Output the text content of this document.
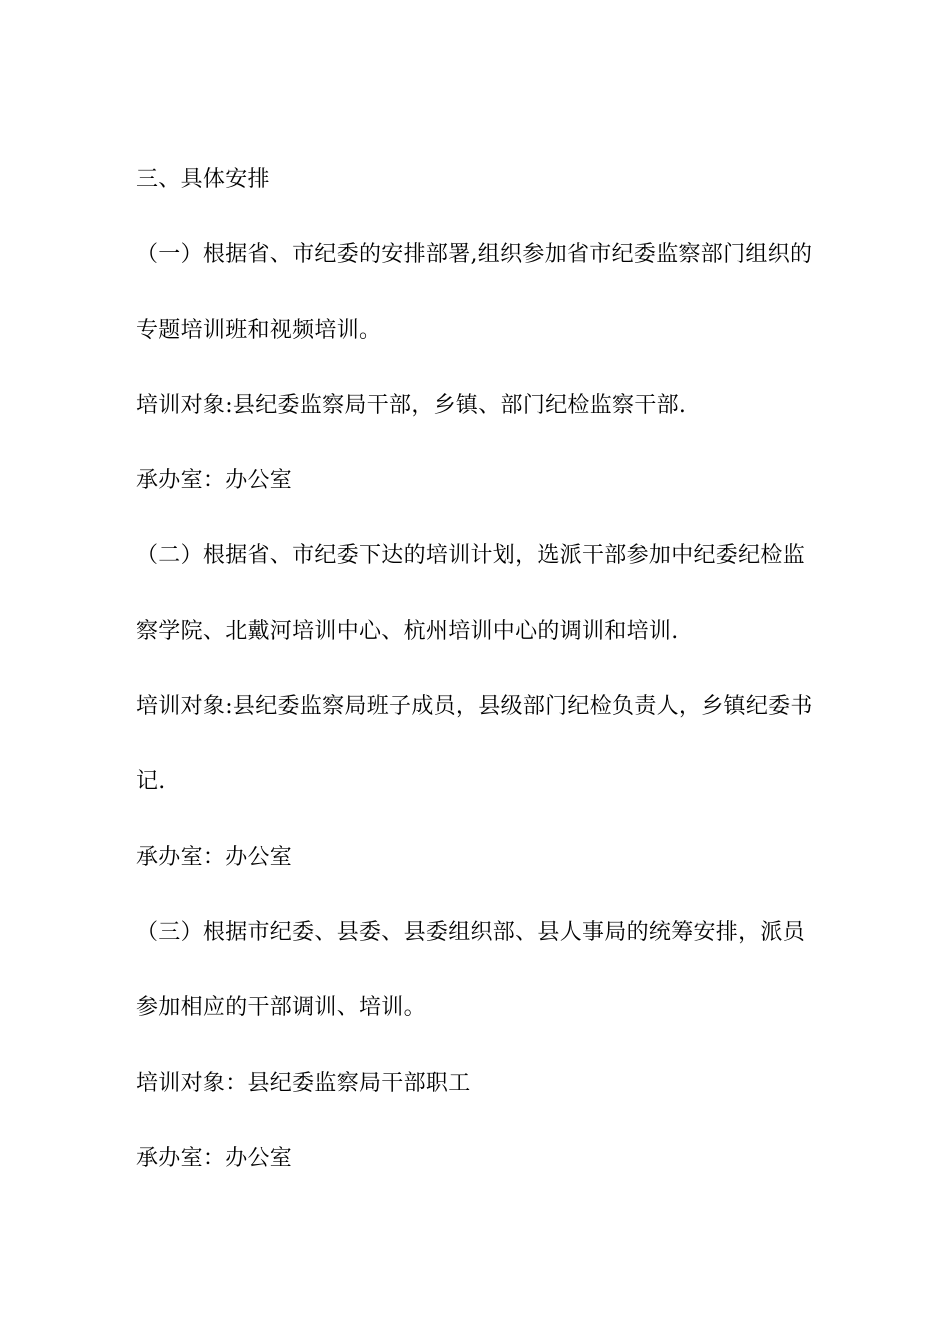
三、具体安排
（一）根据省、市纪委的安排部署,组织参加省市纪委监察部门组织的
专题培训班和视频培训。
培训对象:县纪委监察局干部，乡镇、部门纪检监察干部.
承办室：办公室
（二）根据省、市纪委下达的培训计划，选派干部参加中纪委纪检监
察学院、北戴河培训中心、杭州培训中心的调训和培训.
培训对象:县纪委监察局班子成员，县级部门纪检负责人，乡镇纪委书
记.
承办室：办公室
（三）根据市纪委、县委、县委组织部、县人事局的统筹安排，派员
参加相应的干部调训、培训。
培训对象：县纪委监察局干部职工
承办室：办公室
